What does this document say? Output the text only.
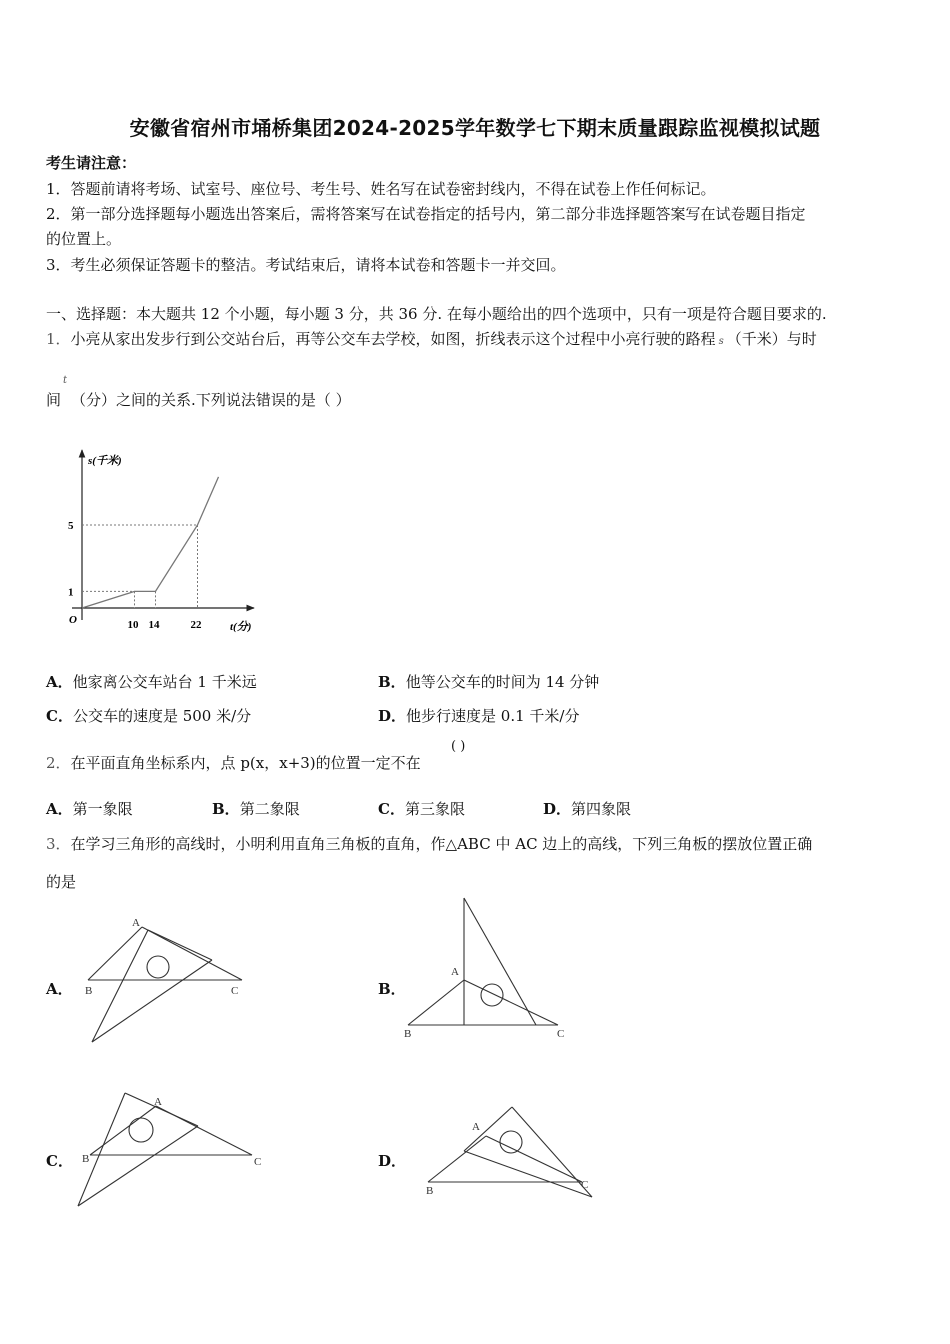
安徽省宿州市埇桥集团2024-2025学年数学七下期末质量跟踪监视模拟试题
考生请注意：
1．答题前请将考场、试室号、座位号、考生号、姓名写在试卷密封线内，不得在试卷上作任何标记。
2．第一部分选择题每小题选出答案后，需将答案写在试卷指定的括号内，第二部分非选择题答案写在试卷题目指定
的位置上。
3．考生必须保证答题卡的整洁。考试结束后，请将本试卷和答题卡一并交回。
一、选择题：本大题共 12 个小题，每小题 3 分，共 36 分. 在每小题给出的四个选项中，只有一项是符合题目要求的.
1．小亮从家出发步行到公交站台后，再等公交车去学校，如图，折线表示这个过程中小亮行驶的路程 s （千米）与时
间$^t$（分）之间的关系.下列说法错误的是（ ）
s(千米)
t(分)
O	10 14	22
1
5
A．他家离公交车站台 1 千米远	B．他等公交车的时间为 14 分钟
C．公交车的速度是 500 米/分	D．他步行速度是 0.1 千米/分
2．在平面直角坐标系内，点 p(x，x+3)的位置一定不在
( )
A．第一象限	B．第二象限	C．第三象限	D．第四象限
3．在学习三角形的高线时，小明利用直角三角板的直角，作△ABC 中 AC 边上的高线，下列三角板的摆放位置正确
的是
A．
A
B	C	B．
A
B	C
C．
A
B	C	D．
A
B	C
